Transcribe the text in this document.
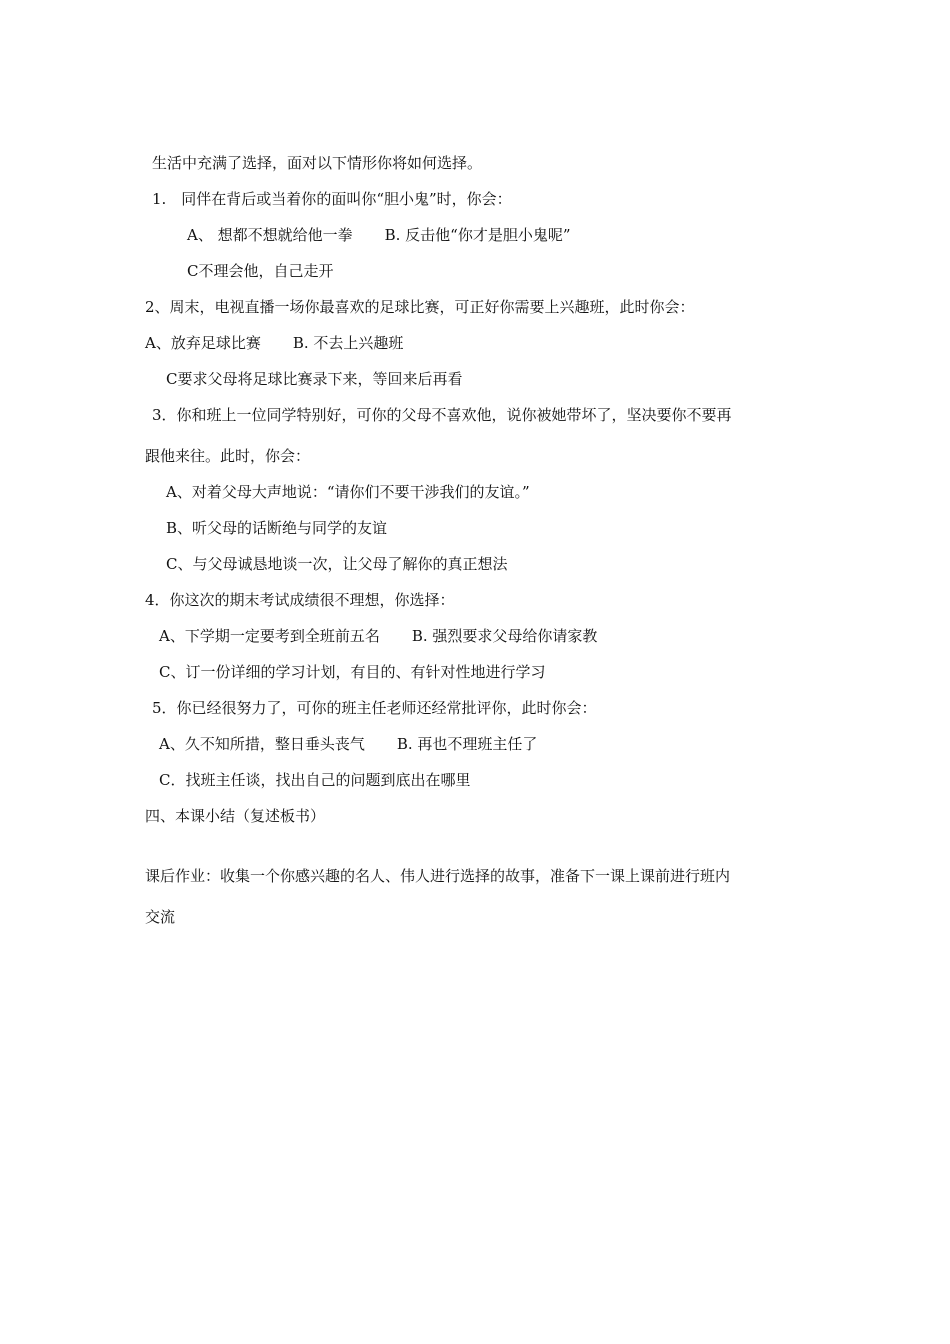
生活中充满了选择，面对以下情形你将如何选择。
1.　同伴在背后或当着你的面叫你“胆小鬼”时，你会：
A、 想都不想就给他一拳 B. 反击他“你才是胆小鬼呢”
C不理会他，自己走开
2、周末，电视直播一场你最喜欢的足球比赛，可正好你需要上兴趣班，此时你会：
A、放弃足球比赛 B. 不去上兴趣班
C要求父母将足球比赛录下来，等回来后再看
3．你和班上一位同学特别好，可你的父母不喜欢他，说你被她带坏了，坚决要你不要再
跟他来往。此时，你会：
A、对着父母大声地说：“请你们不要干涉我们的友谊。”
B、听父母的话断绝与同学的友谊
C、与父母诚恳地谈一次，让父母了解你的真正想法
4．你这次的期末考试成绩很不理想，你选择：
A、下学期一定要考到全班前五名 B. 强烈要求父母给你请家教
C、订一份详细的学习计划，有目的、有针对性地进行学习
5．你已经很努力了，可你的班主任老师还经常批评你，此时你会：
A、久不知所措，整日垂头丧气 B. 再也不理班主任了
C．找班主任谈，找出自己的问题到底出在哪里
四、本课小结（复述板书）
课后作业：收集一个你感兴趣的名人、伟人进行选择的故事，准备下一课上课前进行班内
交流
